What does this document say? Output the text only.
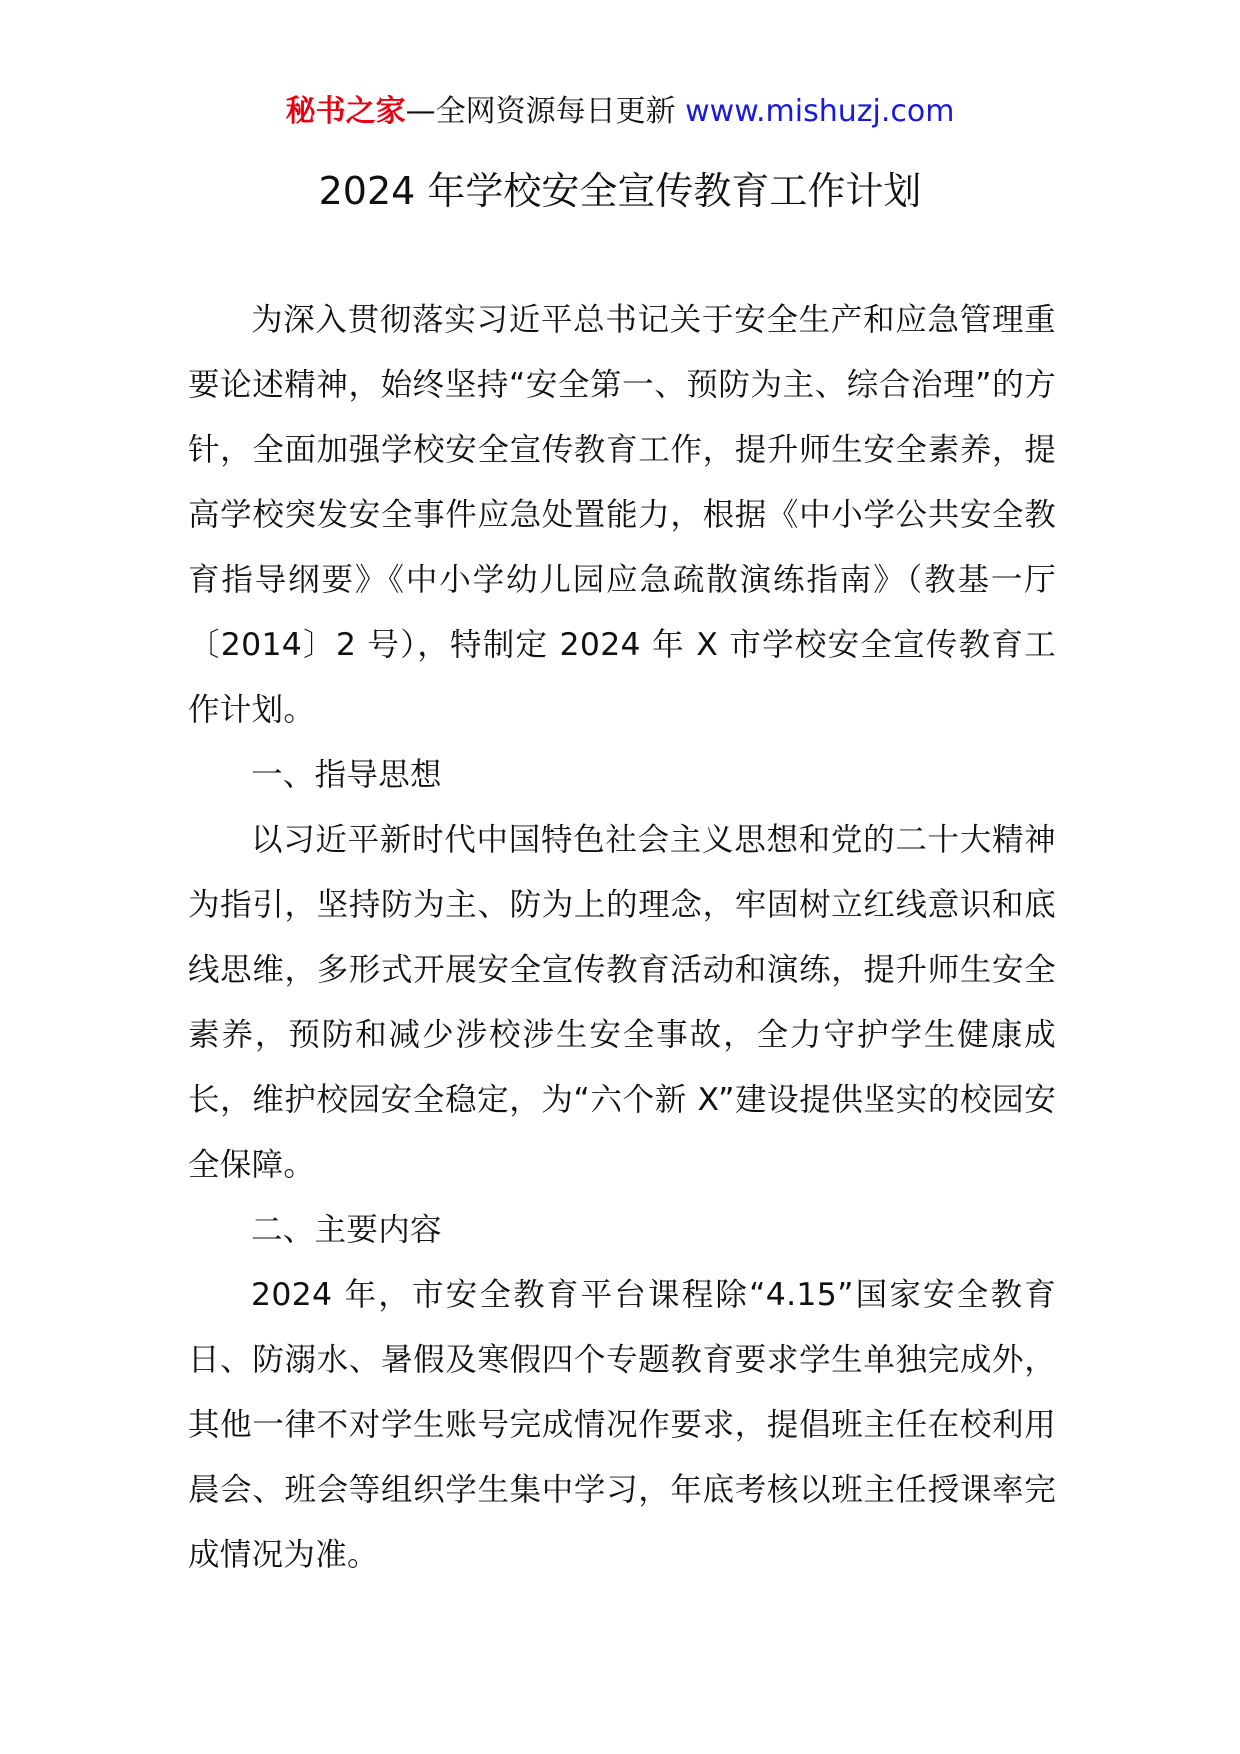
秘书之家—全网资源每日更新 www.mishuzj.com
2024 年学校安全宣传教育工作计划

为深入贯彻落实习近平总书记关于安全生产和应急管理重要论述精神，始终坚持“安全第一、预防为主、综合治理”的方针，全面加强学校安全宣传教育工作，提升师生安全素养，提高学校突发安全事件应急处置能力，根据《中小学公共安全教育指导纲要》《中小学幼儿园应急疏散演练指南》（教基一厅〔2014〕2 号），特制定 2024 年 X 市学校安全宣传教育工作计划。

一、指导思想

以习近平新时代中国特色社会主义思想和党的二十大精神为指引，坚持防为主、防为上的理念，牢固树立红线意识和底线思维，多形式开展安全宣传教育活动和演练，提升师生安全素养，预防和减少涉校涉生安全事故，全力守护学生健康成长，维护校园安全稳定，为“六个新 X”建设提供坚实的校园安全保障。

二、主要内容

2024 年，市安全教育平台课程除“4.15”国家安全教育日、防溺水、暑假及寒假四个专题教育要求学生单独完成外，其他一律不对学生账号完成情况作要求，提倡班主任在校利用晨会、班会等组织学生集中学习，年底考核以班主任授课率完成情况为准。
